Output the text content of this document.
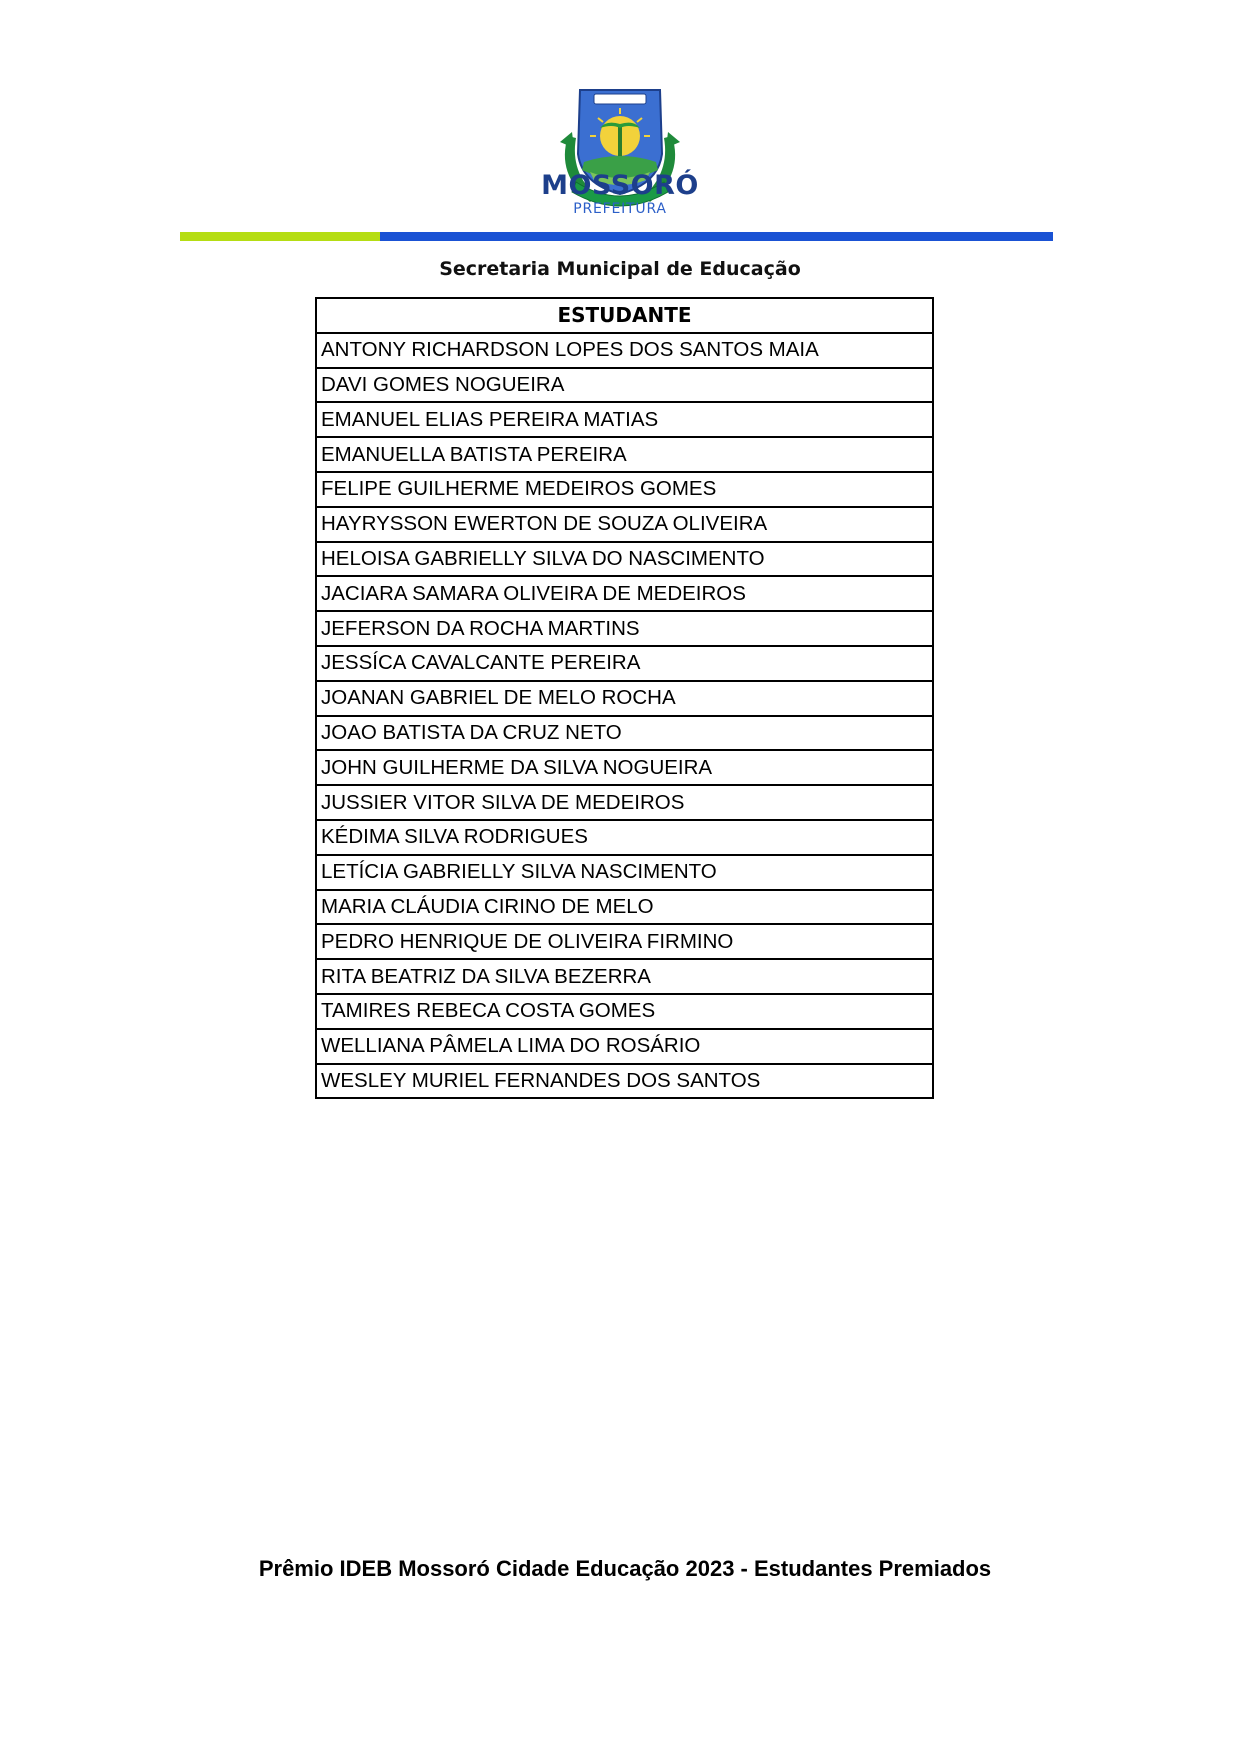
MOSSORÓ
PREFEITURA
Secretaria Municipal de Educação
ESTUDANTE
ANTONY RICHARDSON LOPES DOS SANTOS MAIA
DAVI GOMES NOGUEIRA
EMANUEL ELIAS PEREIRA MATIAS
EMANUELLA BATISTA PEREIRA
FELIPE GUILHERME MEDEIROS GOMES
HAYRYSSON EWERTON DE SOUZA OLIVEIRA
HELOISA GABRIELLY SILVA DO NASCIMENTO
JACIARA SAMARA OLIVEIRA DE MEDEIROS
JEFERSON DA ROCHA MARTINS
JESSÍCA CAVALCANTE PEREIRA
JOANAN GABRIEL DE MELO ROCHA
JOAO BATISTA DA CRUZ NETO
JOHN GUILHERME DA SILVA NOGUEIRA
JUSSIER VITOR SILVA DE MEDEIROS
KÉDIMA SILVA RODRIGUES
LETÍCIA GABRIELLY SILVA NASCIMENTO
MARIA CLÁUDIA CIRINO DE MELO
PEDRO HENRIQUE DE OLIVEIRA FIRMINO
RITA BEATRIZ DA SILVA BEZERRA
TAMIRES REBECA COSTA GOMES
WELLIANA PÂMELA LIMA DO ROSÁRIO
WESLEY MURIEL FERNANDES DOS SANTOS
Prêmio IDEB Mossoró Cidade Educação 2023 - Estudantes Premiados
